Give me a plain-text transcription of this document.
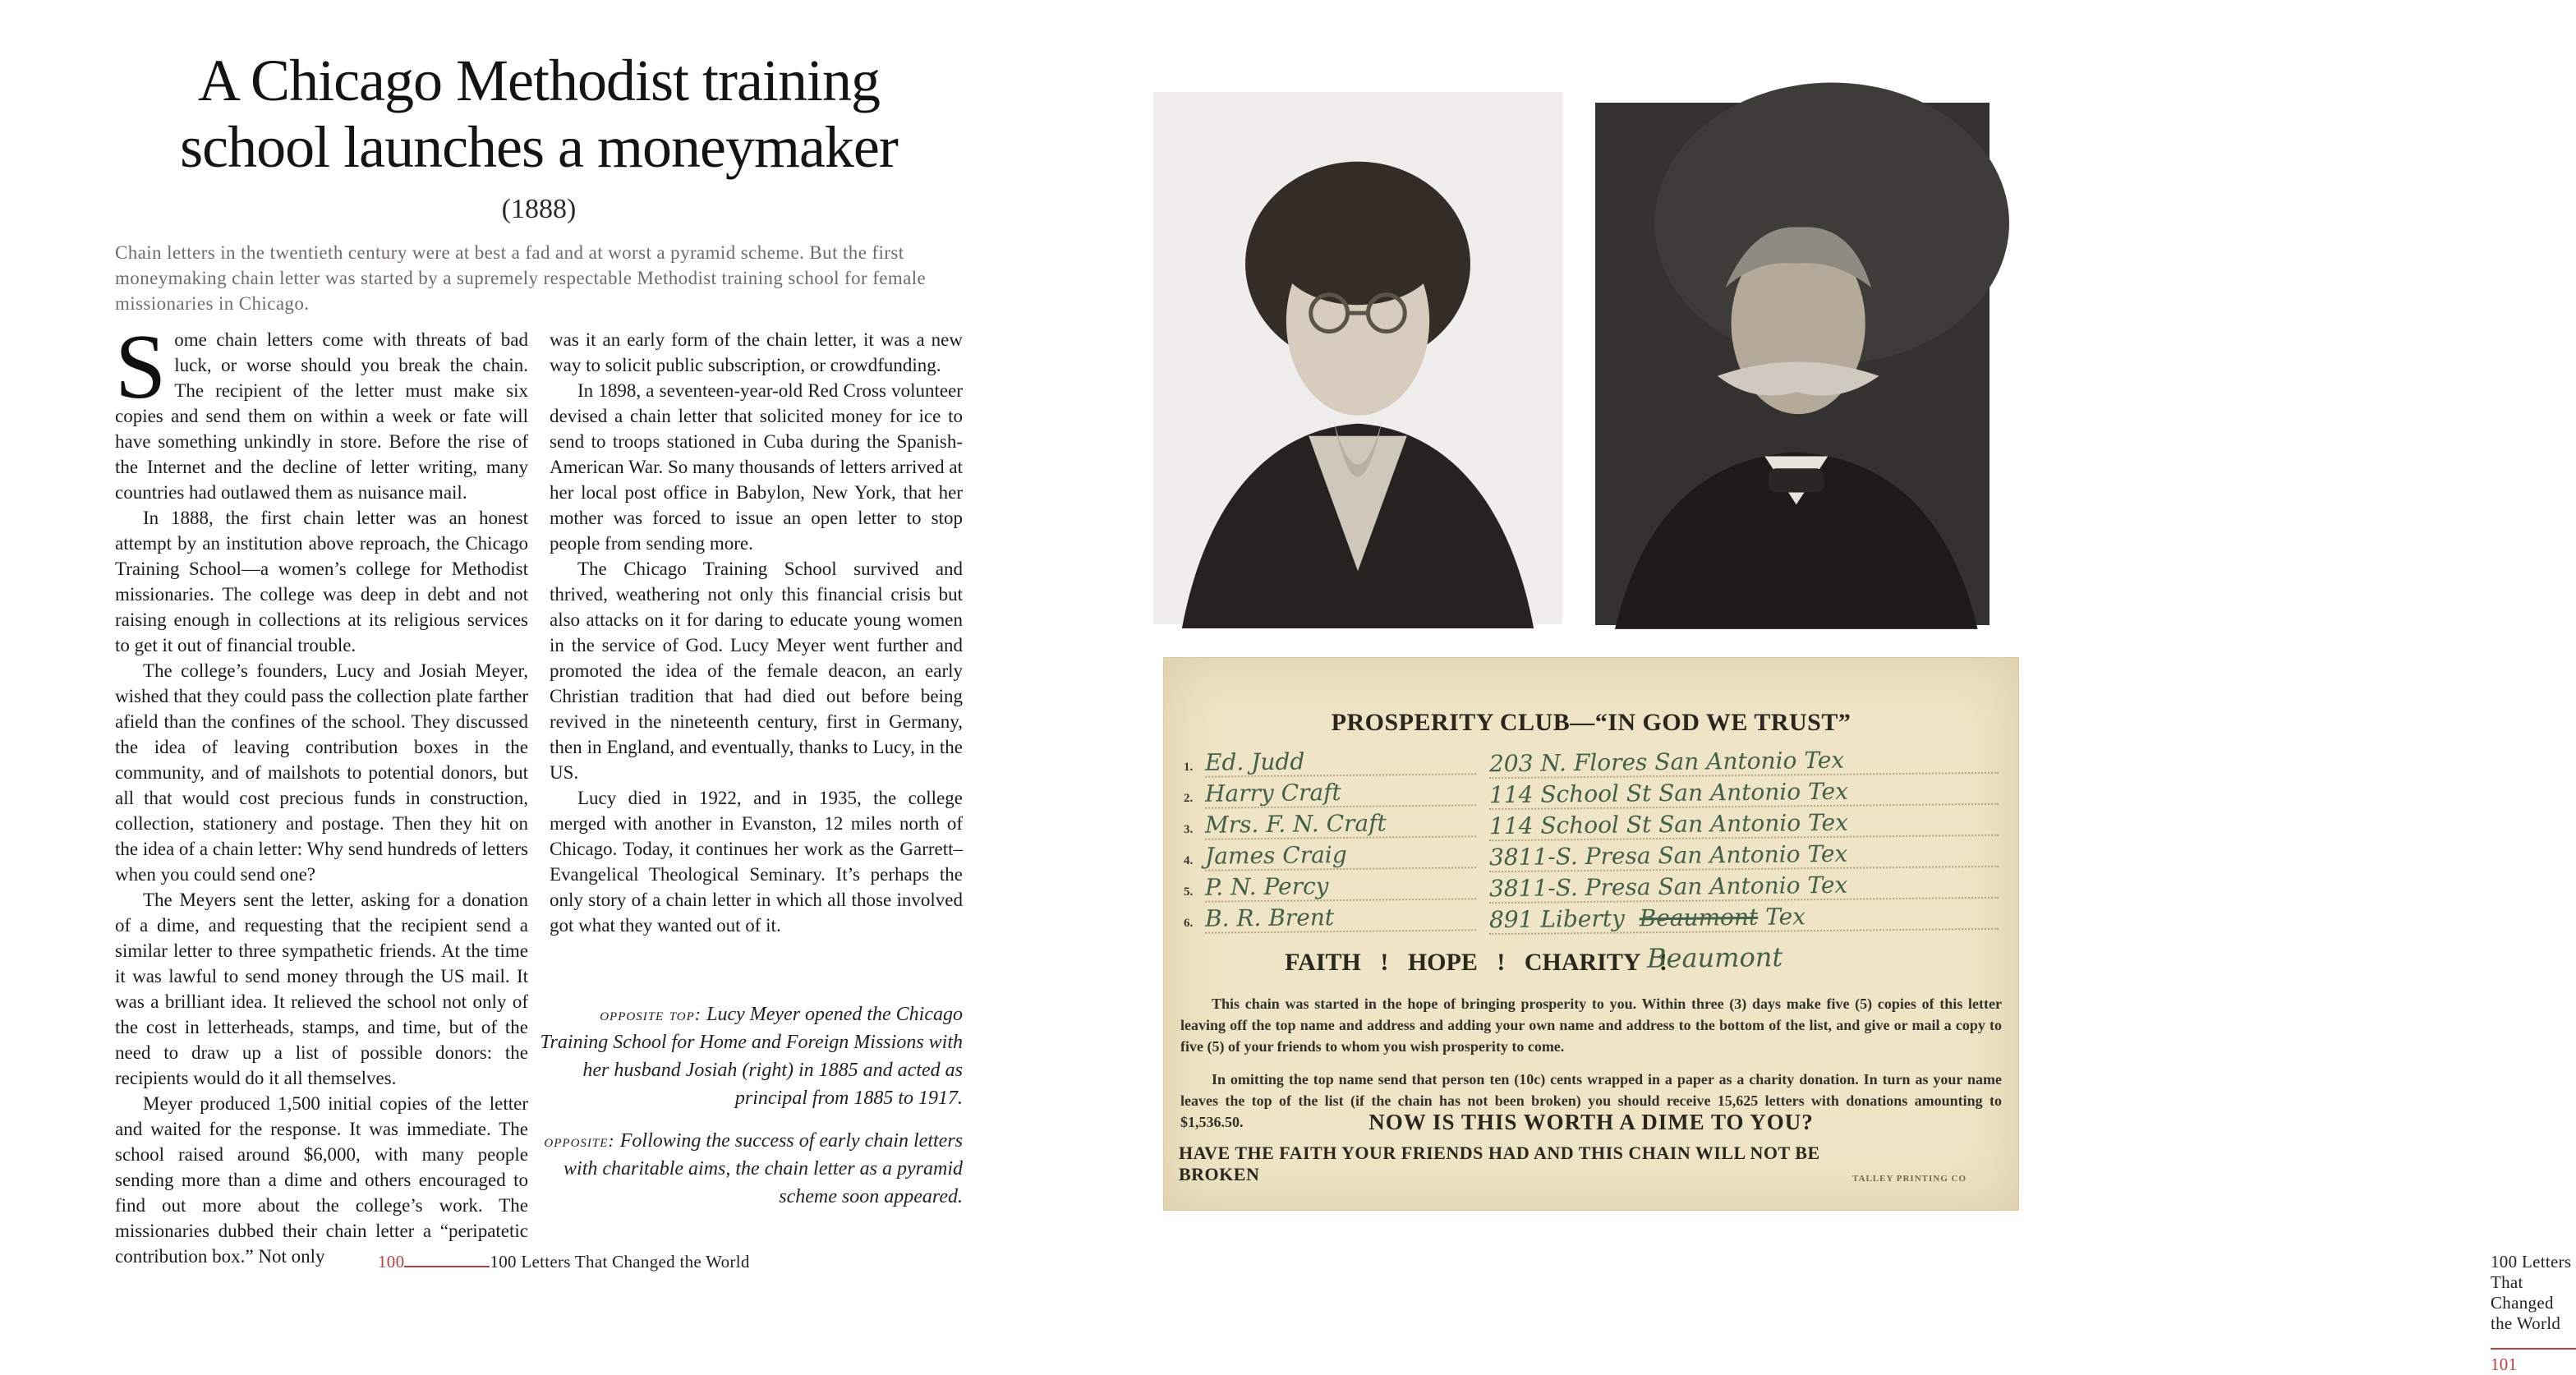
A Chicago Methodist training
school launches a moneymaker
(1888)

Chain letters in the twentieth century were at best a fad and at worst a pyramid scheme. But the first moneymaking chain letter was started by a supremely respectable Methodist training school for female missionaries in Chicago.

Some chain letters come with threats of bad luck, or worse should you break the chain. The recipient of the letter must make six copies and send them on within a week or fate will have something unkindly in store. Before the rise of the Internet and the decline of letter writing, many countries had outlawed them as nuisance mail.

In 1888, the first chain letter was an honest attempt by an institution above reproach, the Chicago Training School—a women’s college for Methodist missionaries. The college was deep in debt and not raising enough in collections at its religious services to get it out of financial trouble.

The college’s founders, Lucy and Josiah Meyer, wished that they could pass the collection plate farther afield than the confines of the school. They discussed the idea of leaving contribution boxes in the community, and of mailshots to potential donors, but all that would cost precious funds in construction, collection, stationery and postage. Then they hit on the idea of a chain letter: Why send hundreds of letters when you could send one?

The Meyers sent the letter, asking for a donation of a dime, and requesting that the recipient send a similar letter to three sympathetic friends. At the time it was lawful to send money through the US mail. It was a brilliant idea. It relieved the school not only of the cost in letterheads, stamps, and time, but of the need to draw up a list of possible donors: the recipients would do it all themselves.

Meyer produced 1,500 initial copies of the letter and waited for the response. It was immediate. The school raised around $6,000, with many people sending more than a dime and others encouraged to find out more about the college’s work. The missionaries dubbed their chain letter a “peripatetic contribution box.” Not only

was it an early form of the chain letter, it was a new way to solicit public subscription, or crowdfunding.

In 1898, a seventeen-year-old Red Cross volunteer devised a chain letter that solicited money for ice to send to troops stationed in Cuba during the Spanish-American War. So many thousands of letters arrived at her local post office in Babylon, New York, that her mother was forced to issue an open letter to stop people from sending more.

The Chicago Training School survived and thrived, weathering not only this financial crisis but also attacks on it for daring to educate young women in the service of God. Lucy Meyer went further and promoted the idea of the female deacon, an early Christian tradition that had died out before being revived in the nineteenth century, first in Germany, then in England, and eventually, thanks to Lucy, in the US.

Lucy died in 1922, and in 1935, the college merged with another in Evanston, 12 miles north of Chicago. Today, it continues her work as the Garrett–Evangelical Theological Seminary. It’s perhaps the only story of a chain letter in which all those involved got what they wanted out of it.

opposite top: Lucy Meyer opened the Chicago Training School for Home and Foreign Missions with her husband Josiah (right) in 1885 and acted as principal from 1885 to 1917.

opposite: Following the success of early chain letters with charitable aims, the chain letter as a pyramid scheme soon appeared.

100	100 Letters That Changed the World
PROSPERITY CLUB—“IN GOD WE TRUST”
1. Ed. Judd	203 N. Flores San Antonio Tex
2. Harry Craft	114 School St San Antonio Tex
3. Mrs. F. N. Craft	114 School St San Antonio Tex
4. James Craig	3811-S. Presa San Antonio Tex
5. P. N. Percy	3811-S. Presa San Antonio Tex
6. B. R. Brent	891 Liberty Beaumont Tex
FAITH ! HOPE ! CHARITY !
Beaumont

This chain was started in the hope of bringing prosperity to you. Within three (3) days make five (5) copies of this letter leaving off the top name and address and adding your own name and address to the bottom of the list, and give or mail a copy to five (5) of your friends to whom you wish prosperity to come.

In omitting the top name send that person ten (10c) cents wrapped in a paper as a charity donation. In turn as your name leaves the top of the list (if the chain has not been broken) you should receive 15,625 letters with donations amounting to $1,536.50.	NOW IS THIS WORTH A DIME TO YOU?
HAVE THE FAITH YOUR FRIENDS HAD AND THIS CHAIN WILL NOT BE BROKEN	TALLEY PRINTING CO
100 Letters That Changed the World101
